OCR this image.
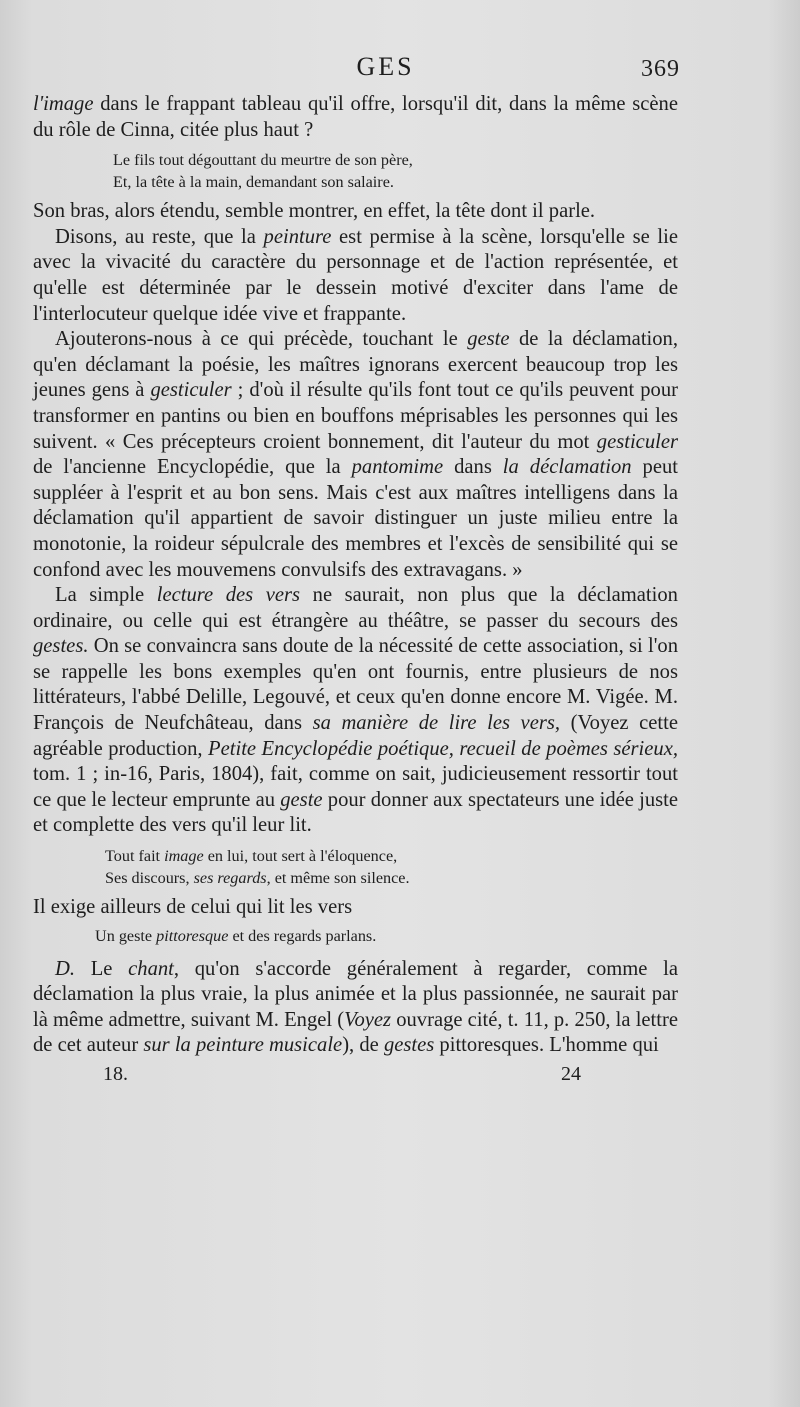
GES	369

l'image dans le frappant tableau qu'il offre, lorsqu'il dit, dans la même scène du rôle de Cinna, citée plus haut ?

Le fils tout dégouttant du meurtre de son père,
Et, la tête à la main, demandant son salaire.

Son bras, alors étendu, semble montrer, en effet, la tête dont il parle.

Disons, au reste, que la peinture est permise à la scène, lorsqu'elle se lie avec la vivacité du caractère du personnage et de l'action représentée, et qu'elle est déterminée par le dessein motivé d'exciter dans l'ame de l'interlocuteur quelque idée vive et frappante.

Ajouterons-nous à ce qui précède, touchant le geste de la déclamation, qu'en déclamant la poésie, les maîtres ignorans exercent beaucoup trop les jeunes gens à gesticuler ; d'où il résulte qu'ils font tout ce qu'ils peuvent pour transformer en pantins ou bien en bouffons méprisables les personnes qui les suivent. « Ces précepteurs croient bonnement, dit l'auteur du mot gesticuler de l'ancienne Encyclopédie, que la pantomime dans la déclamation peut suppléer à l'esprit et au bon sens. Mais c'est aux maîtres intelligens dans la déclamation qu'il appartient de savoir distinguer un juste milieu entre la monotonie, la roideur sépulcrale des membres et l'excès de sensibilité qui se confond avec les mouvemens convulsifs des extravagans. »

La simple lecture des vers ne saurait, non plus que la déclamation ordinaire, ou celle qui est étrangère au théâtre, se passer du secours des gestes. On se convaincra sans doute de la nécessité de cette association, si l'on se rappelle les bons exemples qu'en ont fournis, entre plusieurs de nos littérateurs, l'abbé Delille, Legouvé, et ceux qu'en donne encore M. Vigée. M. François de Neufchâteau, dans sa manière de lire les vers, (Voyez cette agréable production, Petite Encyclopédie poétique, recueil de poèmes sérieux, tom. 1 ; in-16, Paris, 1804), fait, comme on sait, judicieusement ressortir tout ce que le lecteur emprunte au geste pour donner aux spectateurs une idée juste et complette des vers qu'il leur lit.

Tout fait image en lui, tout sert à l'éloquence,
Ses discours, ses regards, et même son silence.

Il exige ailleurs de celui qui lit les vers

Un geste pittoresque et des regards parlans.

D. Le chant, qu'on s'accorde généralement à regarder, comme la déclamation la plus vraie, la plus animée et la plus passionnée, ne saurait par là même admettre, suivant M. Engel (Voyez ouvrage cité, t. 11, p. 250, la lettre de cet auteur sur la peinture musicale), de gestes pittoresques. L'homme qui

18.	24
